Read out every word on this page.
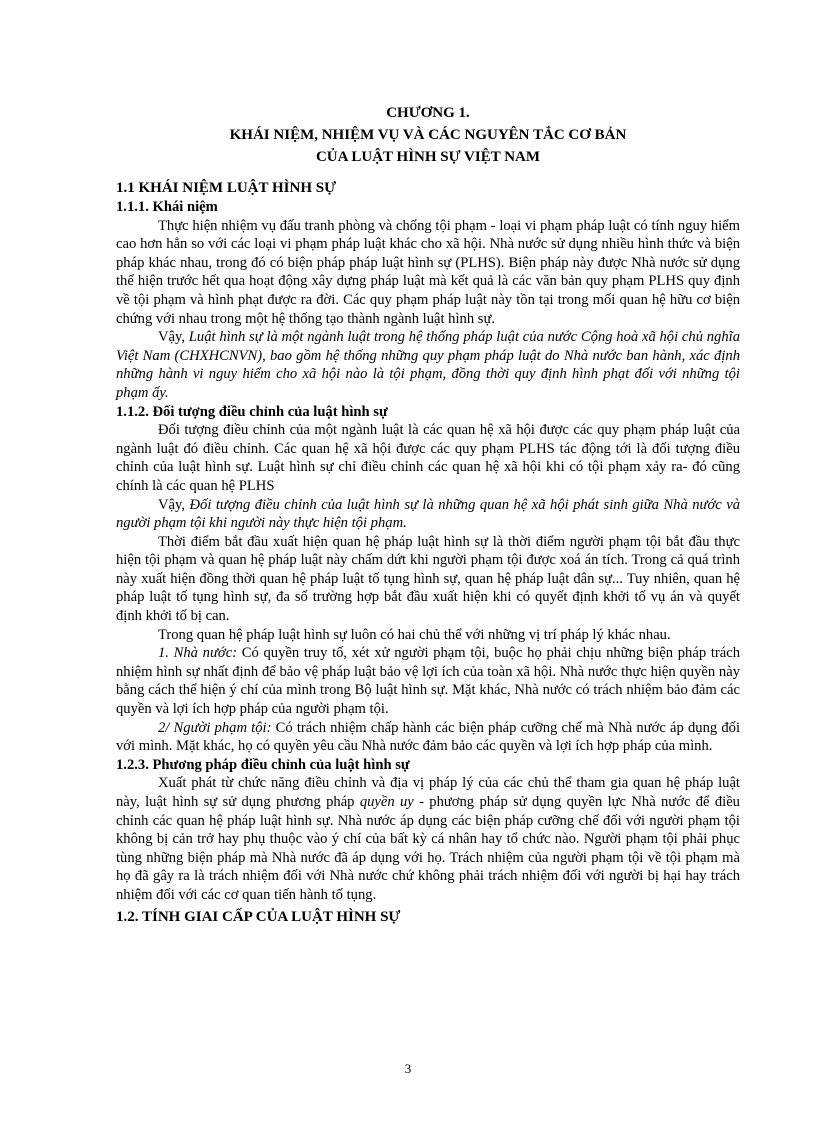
CHƯƠNG 1.
KHÁI NIỆM, NHIỆM VỤ VÀ CÁC NGUYÊN TẮC CƠ BẢN
CỦA LUẬT HÌNH SỰ VIỆT NAM

1.1 KHÁI NIỆM LUẬT HÌNH SỰ

1.1.1. Khái niệm

Thực hiện nhiệm vụ đấu tranh phòng và chống tội phạm - loại vi phạm pháp luật có tính nguy hiểm cao hơn hẳn so với các loại vi phạm pháp luật khác cho xã hội. Nhà nước sử dụng nhiều hình thức và biện pháp khác nhau, trong đó có biện pháp pháp luật hình sự (PLHS). Biện pháp này được Nhà nước sử dụng thể hiện trước hết qua hoạt động xây dựng pháp luật mà kết quả là các văn bản quy phạm PLHS quy định về tội phạm và hình phạt được ra đời. Các quy phạm pháp luật này tồn tại trong mối quan hệ hữu cơ biện chứng với nhau trong một hệ thống tạo thành ngành luật hình sự.

Vậy, Luật hình sự là một ngành luật trong hệ thống pháp luật của nước Cộng hoà xã hội chủ nghĩa Việt Nam (CHXHCNVN), bao gồm hệ thống những quy phạm pháp luật do Nhà nước ban hành, xác định những hành vi nguy hiểm cho xã hội nào là tội phạm, đồng thời quy định hình phạt đối với những tội phạm ấy.

1.1.2. Đối tượng điều chỉnh của luật hình sự

Đối tượng điều chỉnh của một ngành luật là các quan hệ xã hội được các quy phạm pháp luật của ngành luật đó điều chỉnh. Các quan hệ xã hội được các quy phạm PLHS tác động tới là đối tượng điều chỉnh của luật hình sự. Luật hình sự chỉ điều chỉnh các quan hệ xã hội khi có tội phạm xảy ra- đó cũng chính là các quan hệ PLHS

Vậy, Đối tượng điều chỉnh của luật hình sự là những quan hệ xã hội phát sinh giữa Nhà nước và người phạm tội khi người này thực hiện tội phạm.

Thời điểm bắt đầu xuất hiện quan hệ pháp luật hình sự là thời điểm người phạm tội bắt đầu thực hiện tội phạm và quan hệ pháp luật này chấm dứt khi người phạm tội được xoá án tích. Trong cả quá trình này xuất hiện đồng thời quan hệ pháp luật tố tụng hình sự, quan hệ pháp luật dân sự... Tuy nhiên, quan hệ pháp luật tố tụng hình sự, đa số trường hợp bắt đầu xuất hiện khi có quyết định khởi tố vụ án và quyết định khởi tố bị can.

Trong quan hệ pháp luật hình sự luôn có hai chủ thể với những vị trí pháp lý khác nhau.

1. Nhà nước: Có quyền truy tố, xét xử người phạm tội, buộc họ phải chịu những biện pháp trách nhiệm hình sự nhất định để bảo vệ pháp luật bảo vệ lợi ích của toàn xã hội. Nhà nước thực hiện quyền này bằng cách thể hiện ý chí của mình trong Bộ luật hình sự. Mặt khác, Nhà nước có trách nhiệm bảo đảm các quyền và lợi ích hợp pháp của người phạm tội.

2/ Người phạm tội: Có trách nhiệm chấp hành các biện pháp cưỡng chế mà Nhà nước áp dụng đối với mình. Mặt khác, họ có quyền yêu cầu Nhà nước đảm bảo các quyền và lợi ích hợp pháp của mình.

1.2.3. Phương pháp điều chỉnh của luật hình sự

Xuất phát từ chức năng điều chỉnh và địa vị pháp lý của các chủ thể tham gia quan hệ pháp luật này, luật hình sự sử dụng phương pháp quyền uy - phương pháp sử dụng quyền lực Nhà nước để điều chỉnh các quan hệ pháp luật hình sự. Nhà nước áp dụng các biện pháp cưỡng chế đối với người phạm tội không bị cản trở hay phụ thuộc vào ý chí của bất kỳ cá nhân hay tổ chức nào. Người phạm tội phải phục tùng những biện pháp mà Nhà nước đã áp dụng với họ. Trách nhiệm của người phạm tội về tội phạm mà họ đã gây ra là trách nhiệm đối với Nhà nước chứ không phải trách nhiệm đối với người bị hại hay trách nhiệm đối với các cơ quan tiến hành tố tụng.

1.2. TÍNH GIAI CẤP CỦA LUẬT HÌNH SỰ

3
